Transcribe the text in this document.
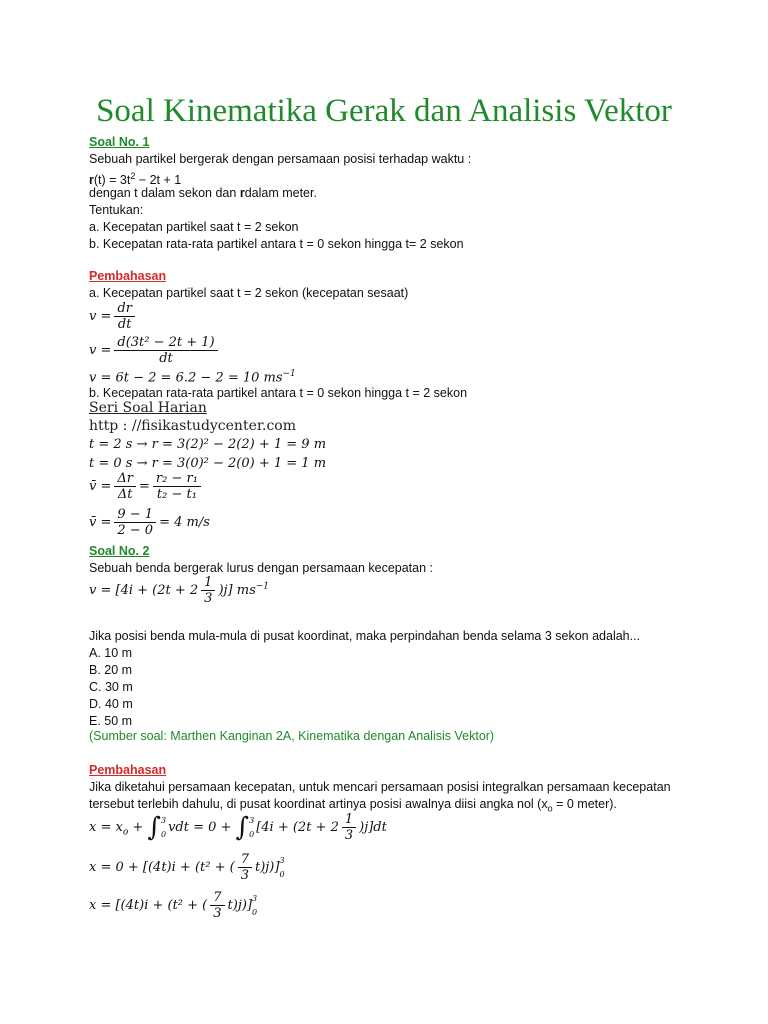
Soal Kinematika Gerak dan Analisis Vektor
Soal No. 1
Sebuah partikel bergerak dengan persamaan posisi terhadap waktu :
$r(t) = 3t^2 - 2t + 1$
dengan t dalam sekon dan rdalam meter.
Tentukan:
a. Kecepatan partikel saat t = 2 sekon
b. Kecepatan rata-rata partikel antara t = 0 sekon hingga t= 2 sekon
Pembahasan
a. Kecepatan partikel saat t = 2 sekon (kecepatan sesaat)
$v = \frac{dr}{dt}$
$v = \frac{\text{d(3t² − 2t + 1)}}{dt}$
v = 6t − 2 = 6.2 − 2 = 10 $ms^{-1}$
b. Kecepatan rata-rata partikel antara t = 0 sekon hingga t = 2 sekon
Seri Soal Harian
http : //fisikastudycenter.com
t = 2 s → r = 3(2)² − 2(2) + 1 = 9 m
t = 0 s → r = 3(0)² − 2(0) + 1 = 1 m
v̄ = $\frac{\Delta r}{\Delta t} = \frac{\text{r₂ − r₁}}{\text{t₂ − t₁}}$
v̄ = $\frac{9 - 1}{2 - 0} = 4$ m/s
Soal No. 2
Sebuah benda bergerak lurus dengan persamaan kecepatan :
$v = [4i + (2t + 2 \frac{1}{3} )j]$ $ms^{-1}$
Jika posisi benda mula-mula di pusat koordinat, maka perpindahan benda selama 3 sekon adalah...
A. 10 m
B. 20 m
C. 30 m
D. 40 m
E. 50 m
(Sumber soal: Marthen Kanginan 2A, Kinematika dengan Analisis Vektor)
Pembahasan
Jika diketahui persamaan kecepatan, untuk mencari persamaan posisi integralkan persamaan kecepatan
tersebut terlebih dahulu, di pusat koordinat artinya posisi awalnya diisi angka nol ($x_o = 0$ meter).
$x = x_o$ + ∫ 3
0 vdt = 0 + ∫ 3
0 $[4i + (2t + 2 \frac{1}{3} )j]dt$
x = 0 + [(4t)i + (t² + ( $\frac{7}{3} t)j$)] 3
0
x = [(4t)i + (t² + ( $\frac{7}{3} t)j$)] 3
0
